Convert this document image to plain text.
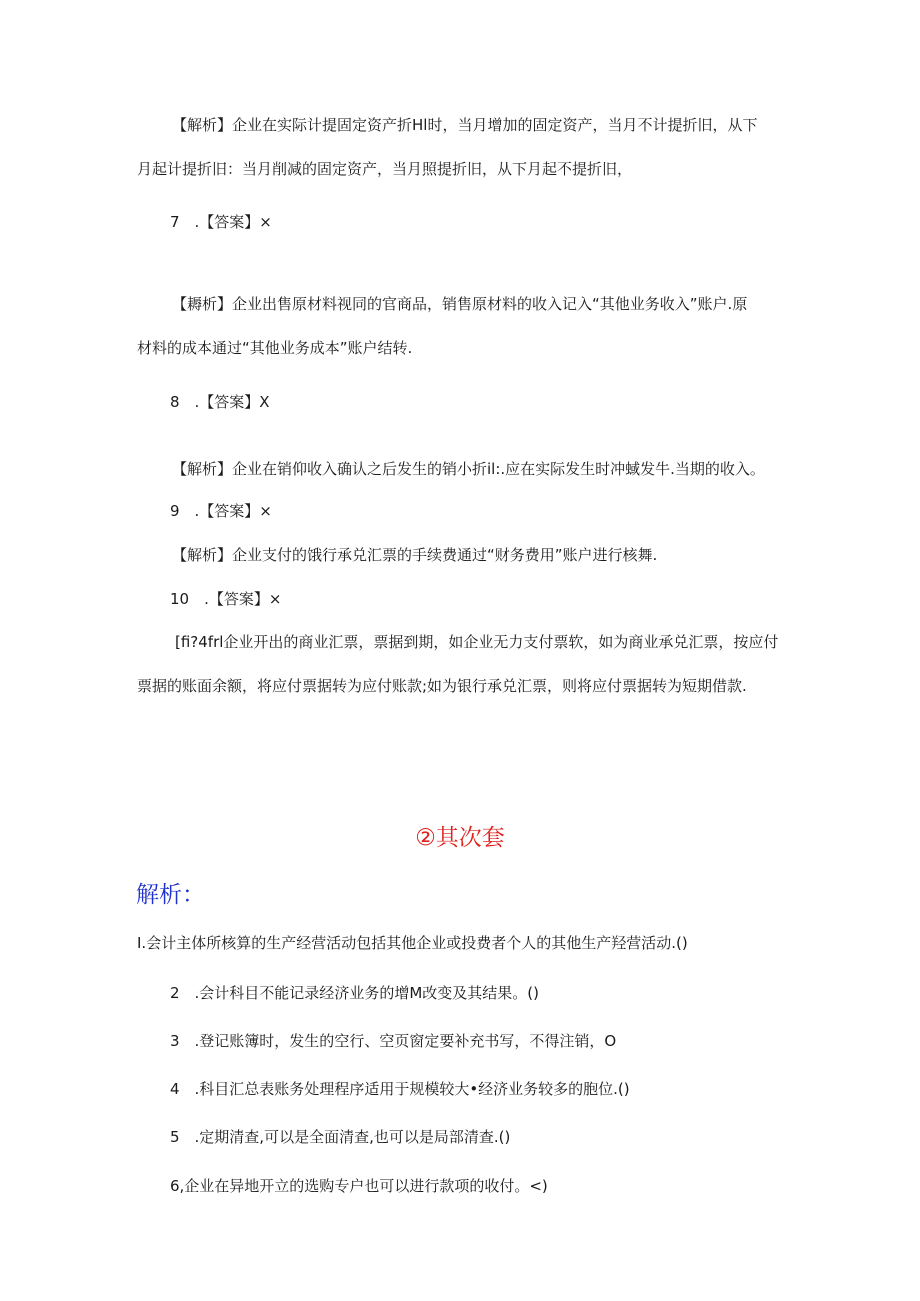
【解析】企业在实际计提固定资产折Hl时，当月增加的固定资产，当月不计提折旧，从下
月起计提折旧：当月削减的固定资产，当月照提折旧，从下月起不提折旧，
7　.【答案】×
【耨析】企业出售原材料视同的官商品，销售原材料的收入记入“其他业务收入”账户.原
材料的成本通过“其他业务成本”账户结转.
8　.【答案】X
【解析】企业在销仰收入确认之后发生的销小折il:.应在实际发生时冲蜮发牛.当期的收入。
9　.【答案】×
【解析】企业支付的饿行承兑汇票的手续费通过“财务费用”账户进行核舞.
10　.【答案】×
[fi?4frl企业开出的商业汇票，票据到期，如企业无力支付票软，如为商业承兑汇票，按应付
票据的账面余额，将应付票据转为应付账款;如为银行承兑汇票，则将应付票据转为短期借款.
②其次套
解析：
I.会计主体所核算的生产经营活动包括其他企业或投费者个人的其他生产羟营活动.()
2　.会计科目不能记录经济业务的增M改变及其结果。()
3　.登记账簿时，发生的空行、空页窗定要补充书写，不得注销，O
4　.科目汇总表账务处理程序适用于规模较大•经济业务较多的胞位.()
5　.定期清查,可以是全面清查,也可以是局部清查.()
6,企业在异地开立的选购专户也可以进行款项的收付。<)
